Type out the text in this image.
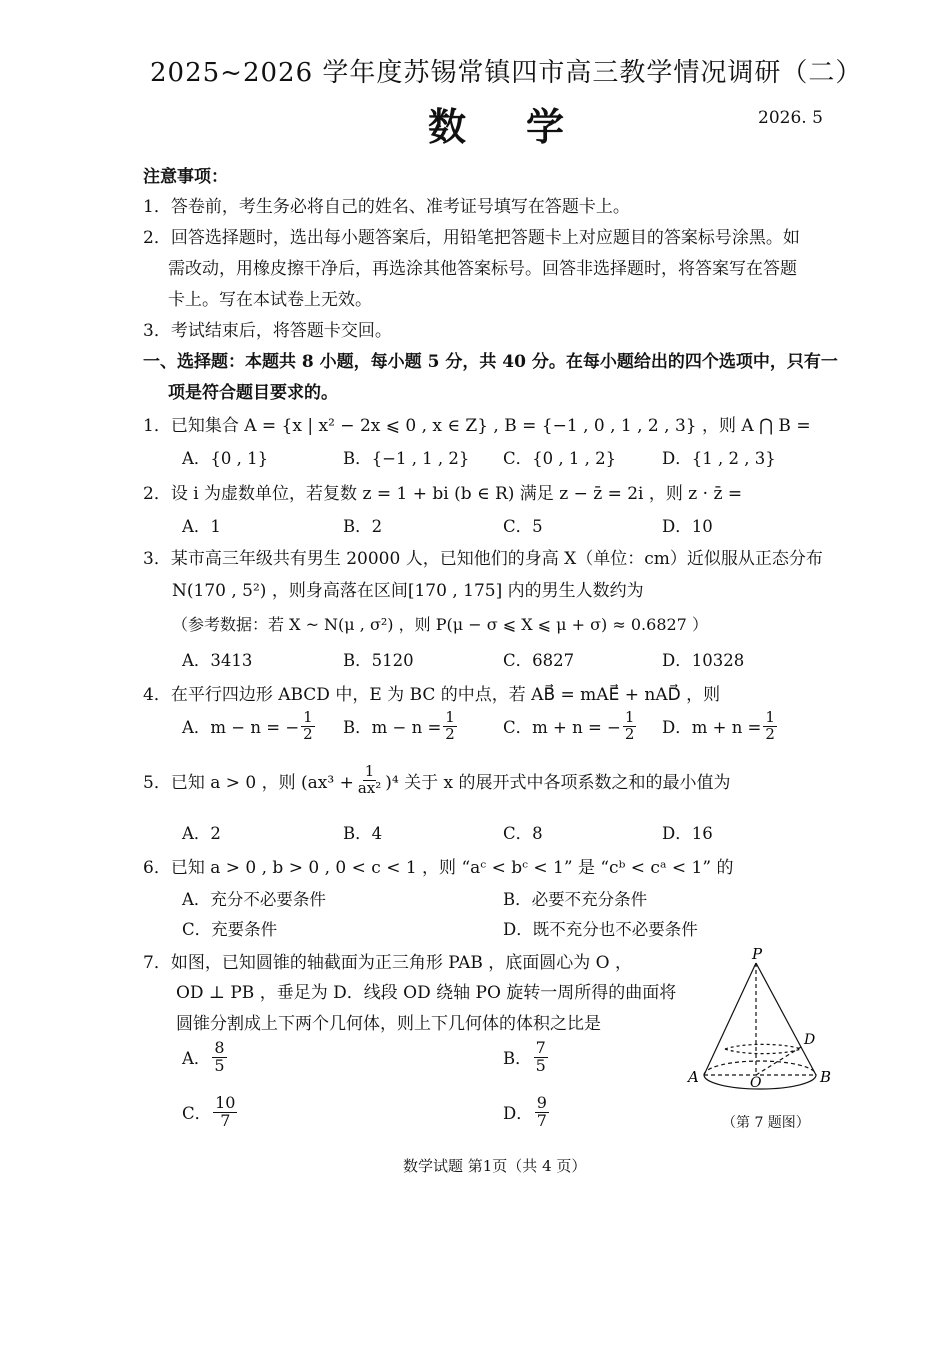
2025~2026 学年度苏锡常镇四市高三教学情况调研（二）
数学	2026. 5
注意事项：
1．答卷前，考生务必将自己的姓名、准考证号填写在答题卡上。
2．回答选择题时，选出每小题答案后，用铅笔把答题卡上对应题目的答案标号涂黑。如
需改动，用橡皮擦干净后，再选涂其他答案标号。回答非选择题时，将答案写在答题
卡上。写在本试卷上无效。
3．考试结束后，将答题卡交回。
一、选择题：本题共 8 小题，每小题 5 分，共 40 分。在每小题给出的四个选项中，只有一
项是符合题目要求的。
1．已知集合 A = {x | x² − 2x ⩽ 0 , x ∈ Z} , B = {−1 , 0 , 1 , 2 , 3} ，则 A ⋂ B =
A．{0 , 1}	B．{−1 , 1 , 2} C．{0 , 1 , 2}	D．{1 , 2 , 3}
2．设 i 为虚数单位，若复数 z = 1 + bi (b ∈ R) 满足 z − z̄ = 2i ，则 z · z̄ =
A．1	B．2	C．5	D．10
3．某市高三年级共有男生 20000 人，已知他们的身高 X（单位：cm）近似服从正态分布
N(170 , 5²) ，则身高落在区间[170 , 175] 内的男生人数约为
（参考数据：若 X ~ N(μ , σ²) ，则 P(μ − σ ⩽ X ⩽ μ + σ) ≈ 0.6827 ）
A．3413	B．5120	C．6827	D．10328
4．在平行四边形 ABCD 中，E 为 BC 的中点，若 AB⃗ = mAE⃗ + nAD⃗ ，则
A．m − n = − $\frac{1}{2}$ B．$m - n = \frac{1}{2}$	C．m + n = − $\frac{1}{2}$ D．$m + n = \frac{1}{2}$
5．已知 a > 0 ，则 $(ax^3 + \frac{1}{\text{ax²}} )^4$ 关于 x 的展开式中各项系数之和的最小值为
A．2	B．4	C．8	D．16
6．已知 a > 0 , b > 0 , 0 < c < 1 ，则 “aᶜ < bᶜ < 1” 是 “cᵇ < cᵃ < 1” 的
A．充分不必要条件	B．必要不充分条件
C．充要条件	D．既不充分也不必要条件
7．如图，已知圆锥的轴截面为正三角形 PAB ，底面圆心为 O ，
OD ⊥ PB ，垂足为 D．线段 OD 绕轴 PO 旋转一周所得的曲面将
圆锥分割成上下两个几何体，则上下几何体的体积之比是
A． $\frac{8}{5}$	B． $\frac{7}{5}$
C． $\frac{10}{7}$	D． $\frac{9}{7}$
P
A	B
O
D
（第 7 题图）
数学试题 第1页（共 4 页）
